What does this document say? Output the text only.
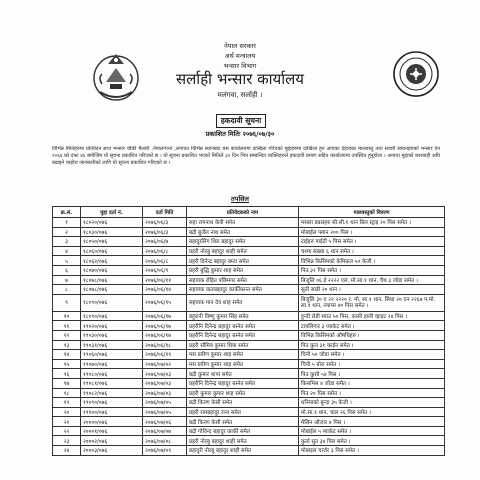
नेपाल सरकार
अर्थ मन्त्रालय
भन्सार विभाग
सर्लाही भन्सार कार्यालय
मलंगवा, सर्लाही ।
हकदावी सूचना
प्रकाशित मितिः २०७६/०७/३०
विभिन्न मितिहरुमा प्रतिवेदन साथ भन्सार चौकी मैलारी ,नेपालगञ्ज ,लगायत विभिन्न स्थानबाट यस कार्यालयमा दाखिला गरिएको मुद्दाहरुमा दाखिला हुन आएका देहायका मालवस्तु तथा सवारी साधनहरुको भन्सार ऐन २०६४ को दफा ४६ बमोजिम यो सूचना प्रकाशित गरिएको छ । यो सूचना प्रकाशित भएको मितिले ३० दिन भित्र सम्बन्धित व्यक्तिहरुले हकदावी प्रमाण सहित कार्यालयमा उपस्थित हुनुहोला । अन्यथा मुद्दाको कारबाही अघि बढाइने व्यहोरा जानकारीको लागि यो सूचना प्रकाशित गरिएको छ ।
तपसिल
क्र.सं.	मुद्दा दर्ता नं.	दर्ता मिति	प्रतिवेदकको नाम	मालवस्तुको विवरण
१	१८०२०/०७६	२०७६/०६/३	सहा रामनाथ केवी समेत	मसला डबलहरु सी.सी.१ थान बिल स्ट्राइ २० पिस समेत ।
२	१८०३०/०७६	२०७६/०६/३	बद्री बुर्जेल नाथ समेत	मोबाईल फ्यान २०० पिस ।
३	१८०५०/०७६	२०७६/०६/७	बहादुरलिंग थिङ बहादुर समेत	टाईहरु पाईटी ५ पिस समेत ।
४	१८०६०/०७६	२०७६/०६/८	प्रहरी नोरबु बहादुर शाही समेत	चश्मा संख्या ६ थान समेत ।
५	१८०६२/०७६	२०७६/०६/८	प्रहरी दिनेन्द्र बहादुर बम्ता समेत	विभिन्न किसिमको केमिकल ५० केजी ।
६	१८०७०/०७६	२०७६/०६/९	प्रहरी बुद्धि कुमार शाह समेत	पिउ ३२ पिस समेत ।
७	१८०७८/०७६	२०७६/०६/११	सहायक रोहित पछिमगर समेत	बिजुलि ०६ ई २२२२ एल. मो.सा.१ थान, चैथ ३ जोडा समेत ।
८	१८०७८/०७६	२०७६/०६/१४	सहायक वाताबहादुर कार्कीकान्त समेत	सुती साडी २० थान ।
९	१८०९०/०७६	२०७६/०६/१५	सहायक मान देव शाह समेत	बिजुलि ३० ए २२ २२२० र. मो. सा.१ थान, सिधा २० एन २२६७ प.मो. सा.१ थान, ल्याप्स ४० पिस समेत ।
१०	१८०९०/०७६	२०७६/०६/१७	बहुरानी विष्णु कुमार सिंह समेत	हुन्डी लेडी स्याउ ५० पिस, कासी हाली व्हाइट २४ पिस ।
११	१९०२०/०७६	२०७६/०६/१७	प्रहरीनि दिनेन्द्र बहादुर बस्नेत समेत	टायलिगार ३ प्याकेट समेत ।
१२	१९०३०/०७६	२०७६/०६/१७	प्रहरीनि दिनेन्द्र बहादुर बस्नेत समेत	विभिन्न किसिमको औषधिहरु ।
१३	१९०३१/०७६	२०७६/०६/१८	प्रहरी सौमित्र कुमार धिया समेत	पिउ कुल ३१ काईन समेत ।
१४	१९०६०/०७६	२०७६/०६/१९	मस प्रवीण कुमार शाह समेत	चिनी ५० जोडा समेत ।
१५	१९०७०/०७६	२०७६/०७/०२	मस प्रवीण कुमार शाह समेत	चिनी ५ बोरा समेत ।
१६	१९०८०/०७६	२०७६/०७/०३	बद्री कुमार थापा समेत	पिउ कुसी ५४ पिस ।
१७	१९०८१/०७६	२०७६/०७/०३	प्रहरीनि दिनेन्द्र बहादुर बस्नेत समेत	किसमिस ४ जोडा समेत ।
१८	१९०८२/०७६	२०७६/०७/०३	प्रहरी कुमार कुमार शाह समेत	पिउ २० पिस समेत ।
१९	१९०९०/०७६	२०७६/०७/०५	बद्री किरण केसी समेत	धनियाको बुन्दा ३५ केजी ।
२०	१९१००/०७६	२०७६/०७/०५	प्रहरी रामबहादुर राना समेत	मो.सा.१ थान, चाल २६ पिस समेत ।
२१	२००००/०७६	२०७६/०७/०६	बद्री किरण केसी समेत	मेसिन औजार ४ पिस ।
२२	२०००१/०७६	२०७६/०७/०७	बद्री गोविन्द बहादुर कार्की समेत	मोबाईल ५ प्याकेट समेत ।
२३	२०००२/०७६	२०७६/०७/०८	प्रहरी नोरबु बहादुर शाही समेत	कुर्ता सुत ३४ पिस समेत ।
२४	२०००३/०७६	२०७६/०७/०९	बहादुरी नोरबु बहादुर शाही समेत	मोबाइल चार्जर ३ पिस समेत ।
